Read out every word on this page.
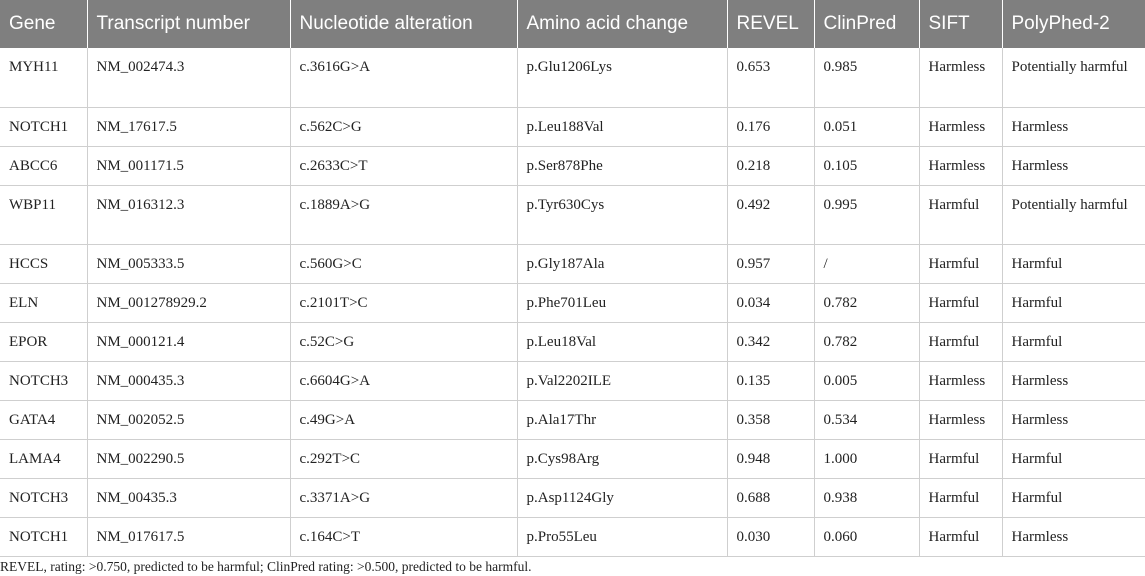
Gene	Transcript number	Nucleotide alteration	Amino acid change	REVEL	ClinPred	SIFT	PolyPhed-2
MYH11	NM_002474.3	c.3616G>A	p.Glu1206Lys	0.653	0.985	Harmless	Potentially harmful
NOTCH1	NM_17617.5	c.562C>G	p.Leu188Val	0.176	0.051	Harmless	Harmless
ABCC6	NM_001171.5	c.2633C>T	p.Ser878Phe	0.218	0.105	Harmless	Harmless
WBP11	NM_016312.3	c.1889A>G	p.Tyr630Cys	0.492	0.995	Harmful	Potentially harmful
HCCS	NM_005333.5	c.560G>C	p.Gly187Ala	0.957	/	Harmful	Harmful
ELN	NM_001278929.2	c.2101T>C	p.Phe701Leu	0.034	0.782	Harmful	Harmful
EPOR	NM_000121.4	c.52C>G	p.Leu18Val	0.342	0.782	Harmful	Harmful
NOTCH3	NM_000435.3	c.6604G>A	p.Val2202ILE	0.135	0.005	Harmless	Harmless
GATA4	NM_002052.5	c.49G>A	p.Ala17Thr	0.358	0.534	Harmless	Harmless
LAMA4	NM_002290.5	c.292T>C	p.Cys98Arg	0.948	1.000	Harmful	Harmful
NOTCH3	NM_00435.3	c.3371A>G	p.Asp1124Gly	0.688	0.938	Harmful	Harmful
NOTCH1	NM_017617.5	c.164C>T	p.Pro55Leu	0.030	0.060	Harmful	Harmless
REVEL, rating: >0.750, predicted to be harmful; ClinPred rating: >0.500, predicted to be harmful.
